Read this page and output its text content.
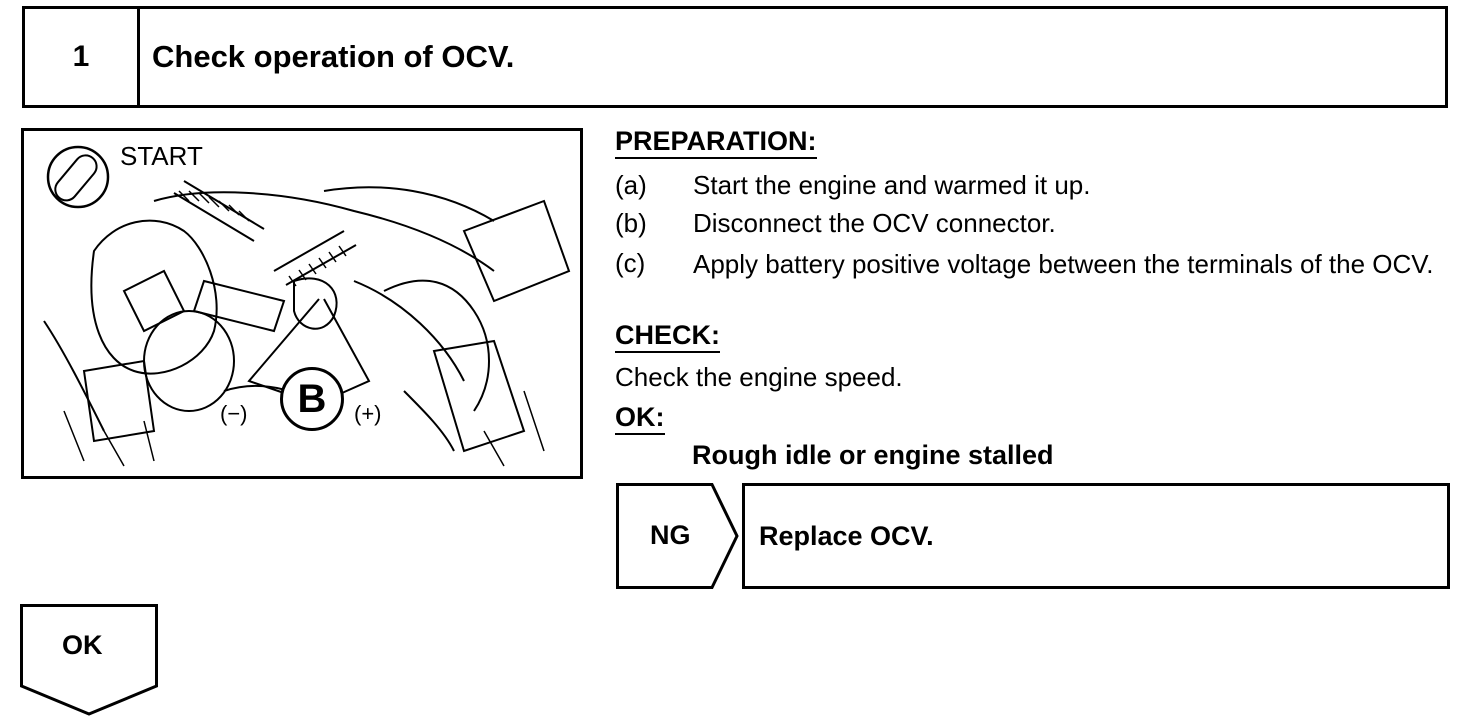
1	Check operation of OCV.
START
B
(−)	(+)
PREPARATION:
(a) Start the engine and warmed it up.
(b) Disconnect the OCV connector.
(c) Apply battery positive voltage between the terminals of the OCV.
CHECK:
Check the engine speed.
OK:
Rough idle or engine stalled
NG	Replace OCV.
OK
